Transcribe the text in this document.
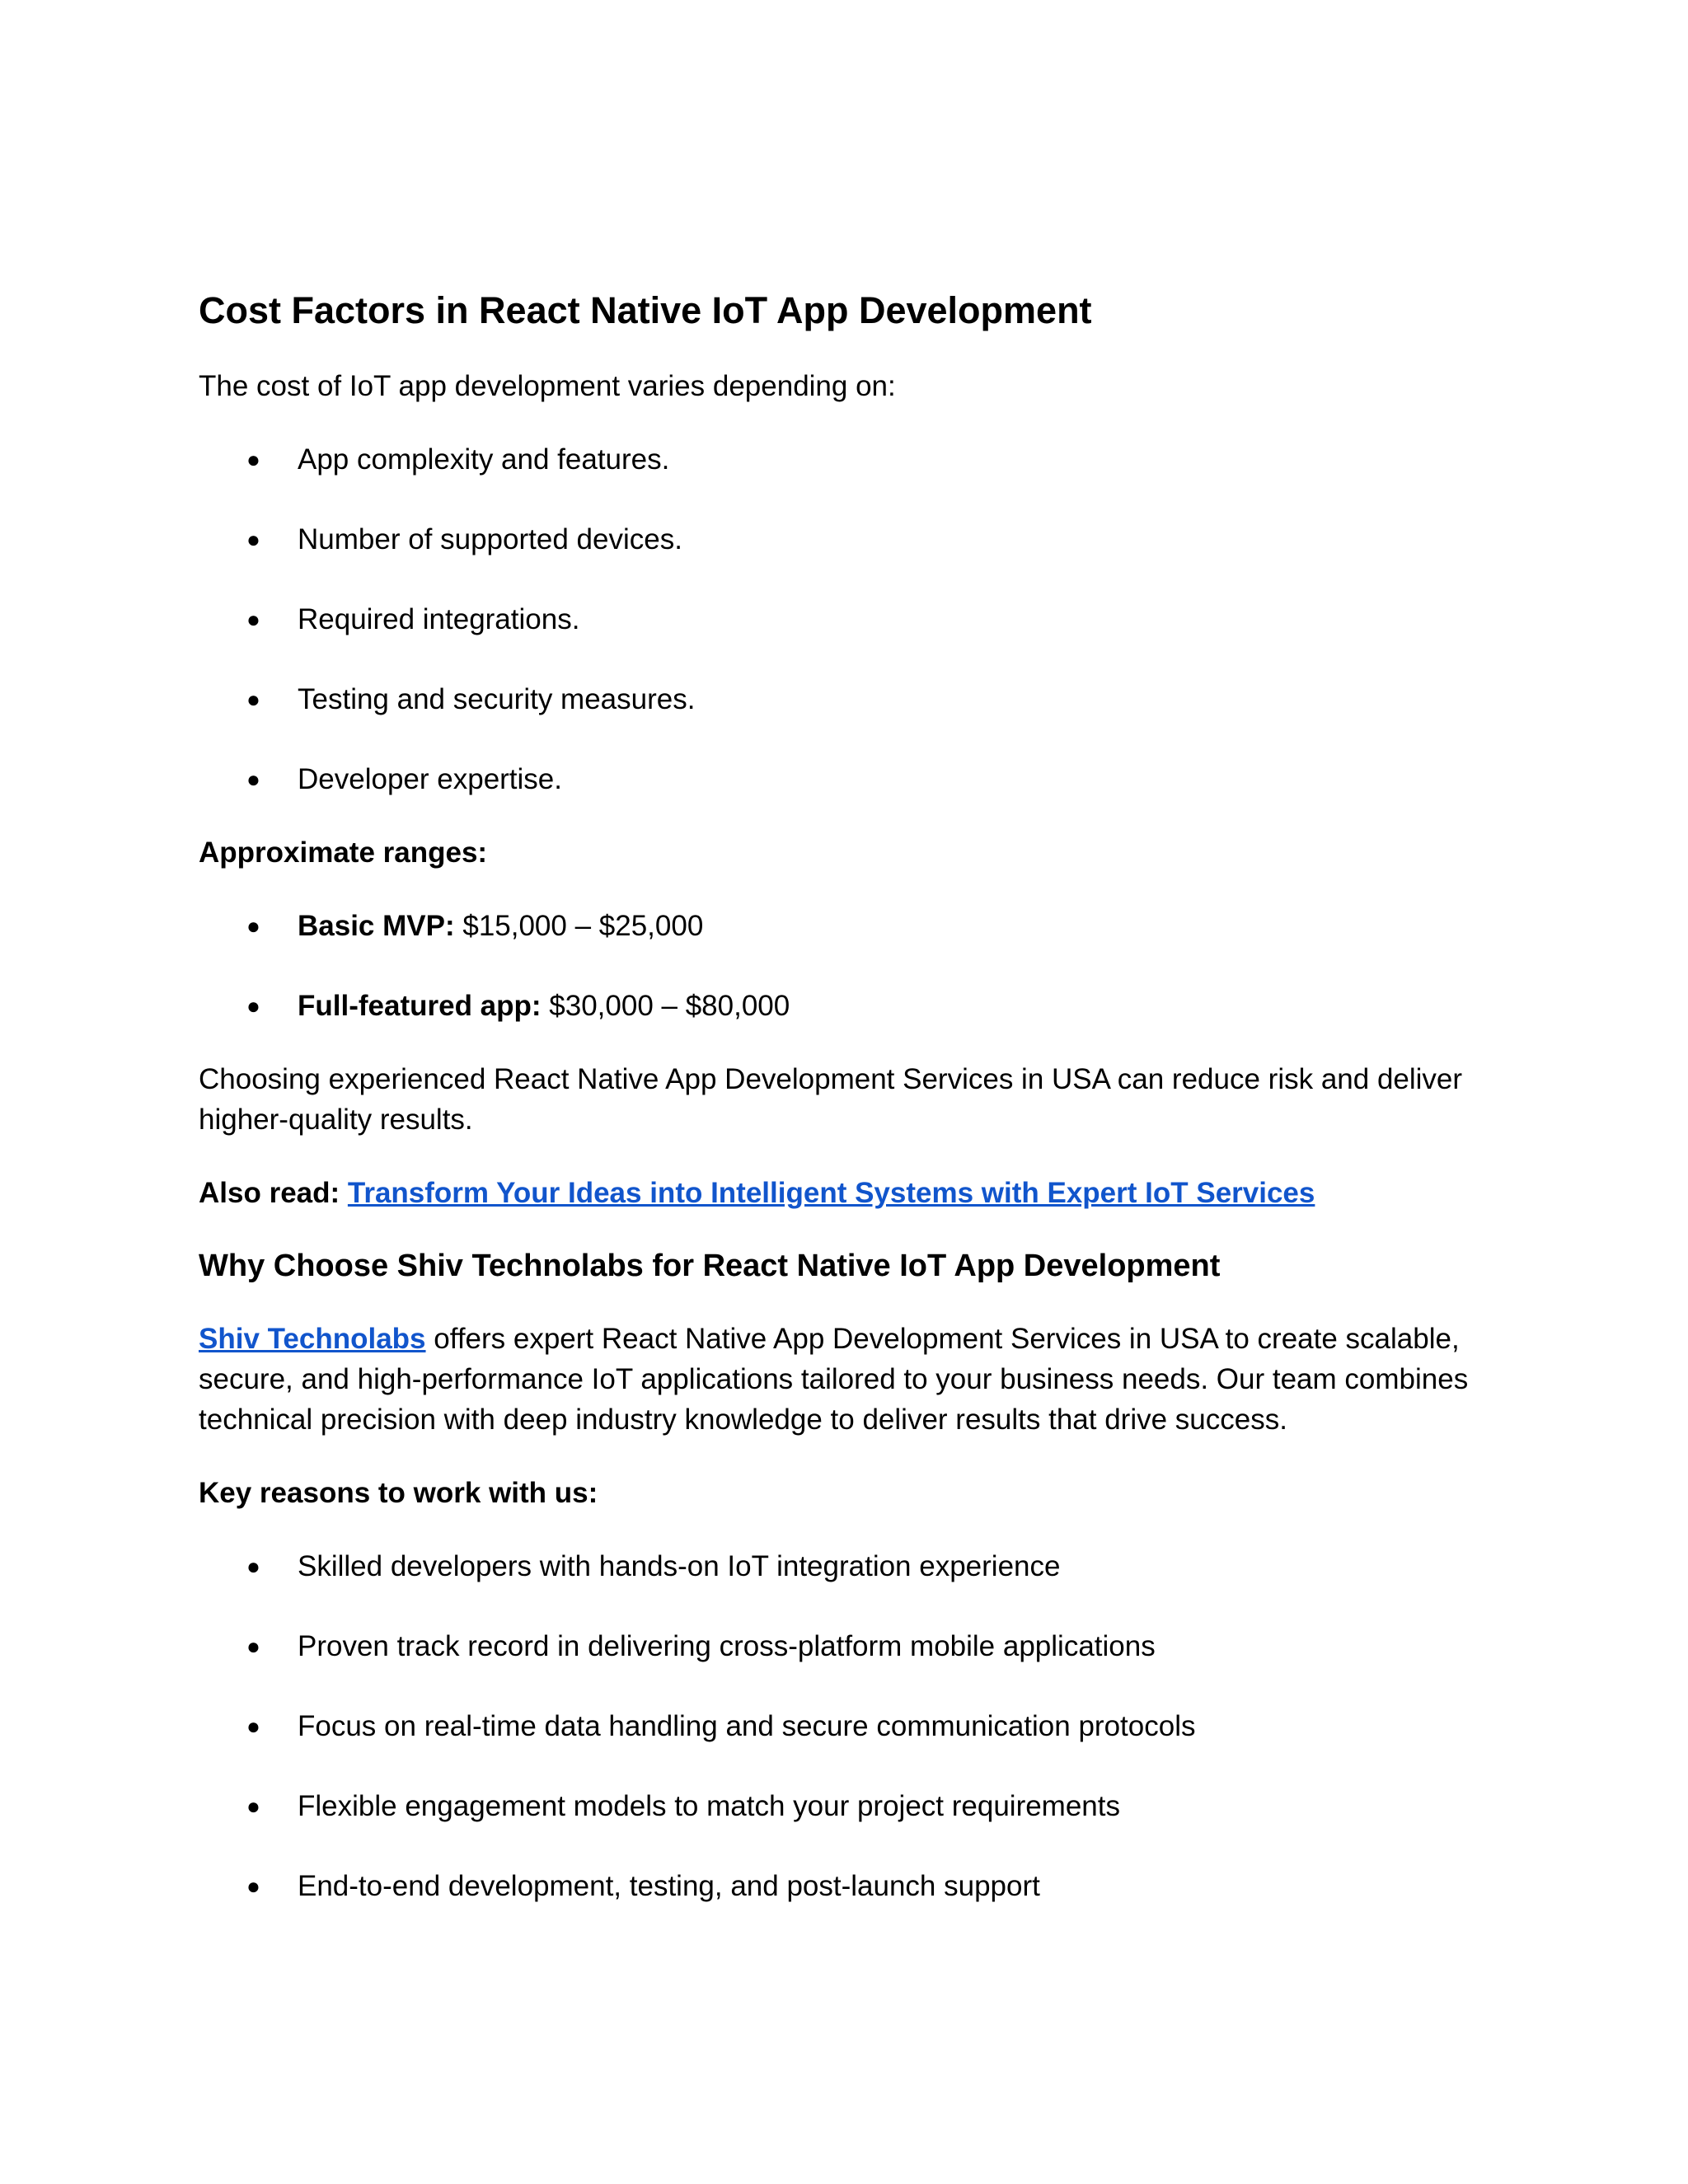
Cost Factors in React Native IoT App Development

The cost of IoT app development varies depending on:

● App complexity and features.
● Number of supported devices.
● Required integrations.
● Testing and security measures.
● Developer expertise.

Approximate ranges:

● Basic MVP: $15,000 – $25,000
● Full-featured app: $30,000 – $80,000

Choosing experienced React Native App Development Services in USA can reduce risk and deliver higher-quality results.

Also read: Transform Your Ideas into Intelligent Systems with Expert IoT Services

Why Choose Shiv Technolabs for React Native IoT App Development

Shiv Technolabs offers expert React Native App Development Services in USA to create scalable, secure, and high-performance IoT applications tailored to your business needs. Our team combines technical precision with deep industry knowledge to deliver results that drive success.

Key reasons to work with us:

● Skilled developers with hands-on IoT integration experience
● Proven track record in delivering cross-platform mobile applications
● Focus on real-time data handling and secure communication protocols
● Flexible engagement models to match your project requirements
● End-to-end development, testing, and post-launch support
